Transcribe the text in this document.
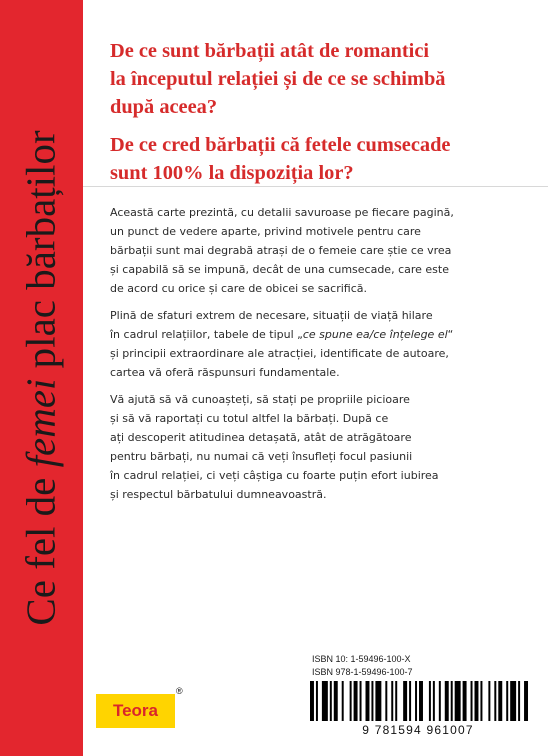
Ce fel de femei plac bărbaților

De ce sunt bărbații atât de romantici
la începutul relației și de ce se schimbă
după aceea?

De ce cred bărbații că fetele cumsecade
sunt 100% la dispoziția lor?

Această carte prezintă, cu detalii savuroase pe fiecare pagină,
un punct de vedere aparte, privind motivele pentru care
bărbații sunt mai degrabă atrași de o femeie care știe ce vrea
și capabilă să se impună, decât de una cumsecade, care este
de acord cu orice și care de obicei se sacrifică.

Plină de sfaturi extrem de necesare, situații de viață hilare
în cadrul relațiilor, tabele de tipul „ce spune ea/ce înțelege el“
și principii extraordinare ale atracției, identificate de autoare,
cartea vă oferă răspunsuri fundamentale.

Vă ajută să vă cunoașteți, să stați pe propriile picioare
și să vă raportați cu totul altfel la bărbați. După ce
ați descoperit atitudinea detașată, atât de atrăgătoare
pentru bărbați, nu numai că veți însufleți focul pasiunii
în cadrul relației, ci veți câștiga cu foarte puțin efort iubirea
și respectul bărbatului dumneavoastră.

ISBN 10: 1-59496-100-X
ISBN 978-1-59496-100-7
9 781594 961007
Teora
®
